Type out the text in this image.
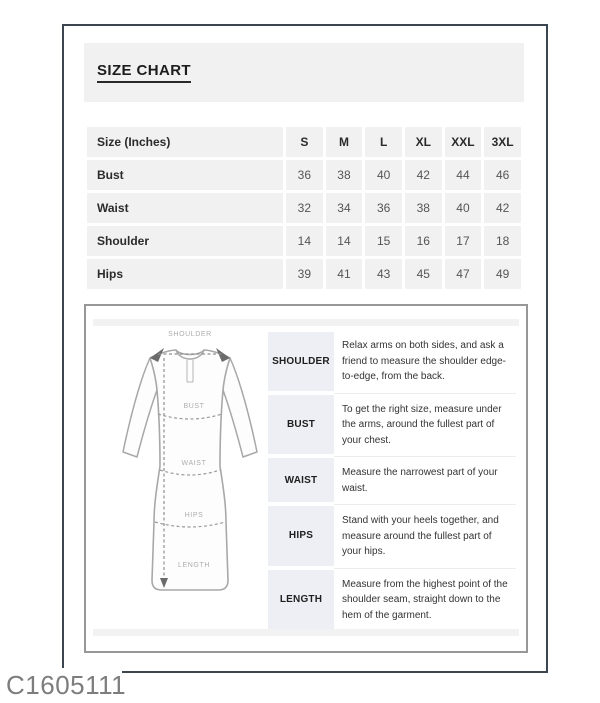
SIZE CHART
Size (Inches)	S	M	L	XL	XXL	3XL
Bust	36	38	40	42	44	46
Waist	32	34	36	38	40	42
Shoulder	14	14	15	16	17	18
Hips	39	41	43	45	47	49
SHOULDER
BUST
WAIST
HIPS
LENGTH
SHOULDER
Relax arms on both sides, and ask a friend to measure the shoulder edge-to-edge, from the back.
BUST
To get the right size, measure under the arms, around the fullest part of your chest.
WAIST
Measure the narrowest part of your waist.
HIPS
Stand with your heels together, and measure around the fullest part of your hips.
LENGTH
Measure from the highest point of the shoulder seam, straight down to the hem of the garment.
C1605111
